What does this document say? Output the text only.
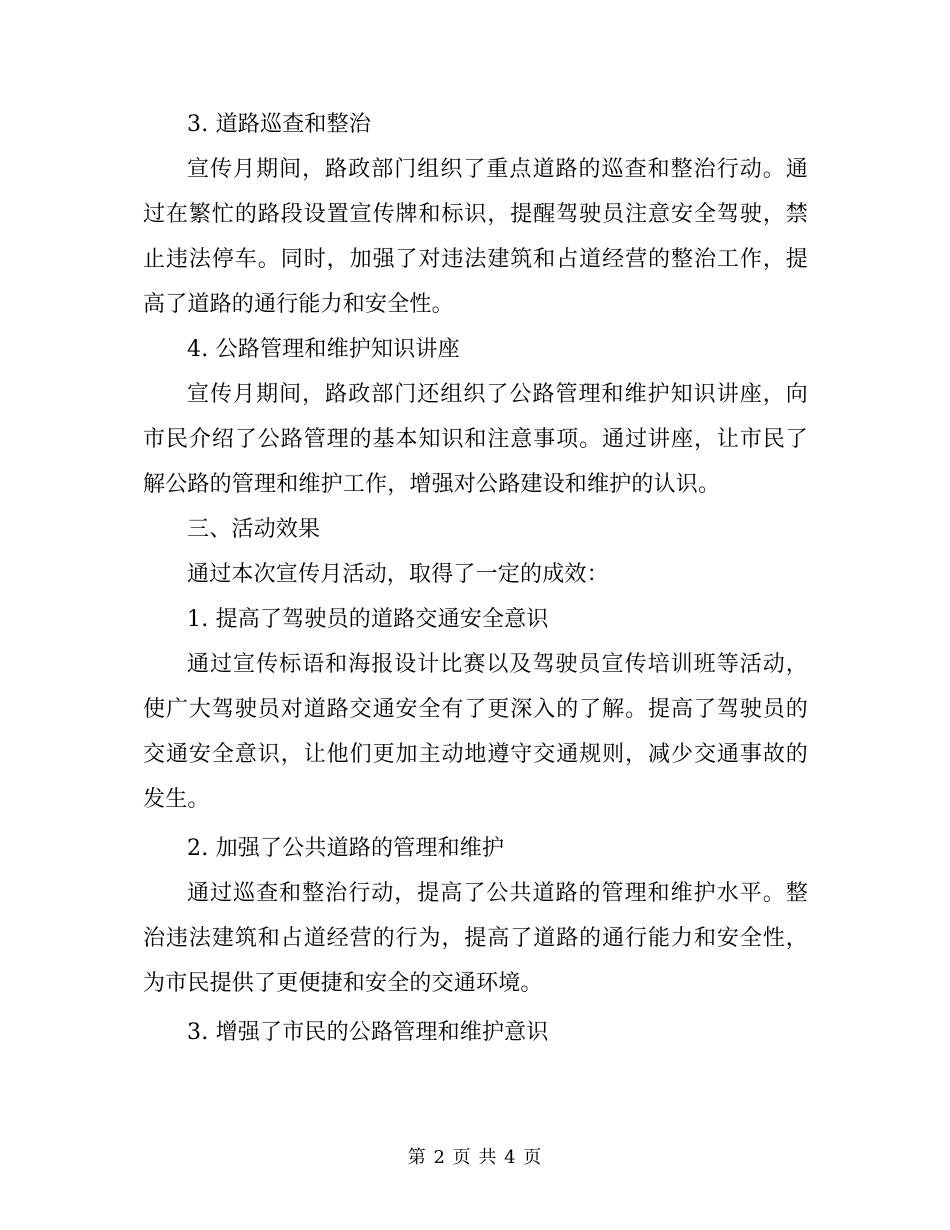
3. 道路巡查和整治

宣传月期间，路政部门组织了重点道路的巡查和整治行动。通过在繁忙的路段设置宣传牌和标识，提醒驾驶员注意安全驾驶，禁止违法停车。同时，加强了对违法建筑和占道经营的整治工作，提高了道路的通行能力和安全性。

4. 公路管理和维护知识讲座

宣传月期间，路政部门还组织了公路管理和维护知识讲座，向市民介绍了公路管理的基本知识和注意事项。通过讲座，让市民了解公路的管理和维护工作，增强对公路建设和维护的认识。

三、活动效果

通过本次宣传月活动，取得了一定的成效：

1. 提高了驾驶员的道路交通安全意识

通过宣传标语和海报设计比赛以及驾驶员宣传培训班等活动，使广大驾驶员对道路交通安全有了更深入的了解。提高了驾驶员的交通安全意识，让他们更加主动地遵守交通规则，减少交通事故的发生。

2. 加强了公共道路的管理和维护

通过巡查和整治行动，提高了公共道路的管理和维护水平。整治违法建筑和占道经营的行为，提高了道路的通行能力和安全性，为市民提供了更便捷和安全的交通环境。

3. 增强了市民的公路管理和维护意识

第 2 页 共 4 页
